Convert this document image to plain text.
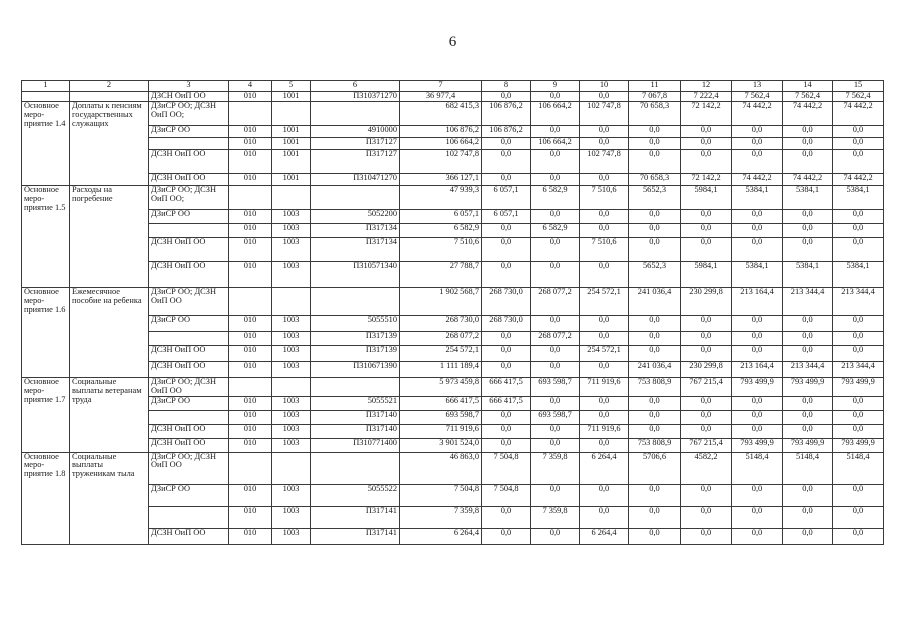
6
1	2	3	4	5	6	7	8	9	10	11	12	13	14	15
		ДЗСН ОиП ОО	010	1001	П310371270	36 977,4	0,0	0,0	0,0	7 067,8	7 222,4	7 562,4	7 562,4	7 562,4
Основное меро-приятие 1.4	Доплаты к пенсиям государственных служащих	ДЗиСР ОО; ДСЗН ОиП ОО;				682 415,3	106 876,2	106 664,2	102 747,8	70 658,3	72 142,2	74 442,2	74 442,2	74 442,2
		ДЗиСР ОО	010	1001	4910000	106 876,2	106 876,2	0,0	0,0	0,0	0,0	0,0	0,0	0,0
			010	1001	П317127	106 664,2	0,0	106 664,2	0,0	0,0	0,0	0,0	0,0	0,0
		ДСЗН ОиП ОО	010	1001	П317127	102 747,8	0,0	0,0	102 747,8	0,0	0,0	0,0	0,0	0,0
		ДСЗН ОиП ОО	010	1001	П310471270	366 127,1	0,0	0,0	0,0	70 658,3	72 142,2	74 442,2	74 442,2	74 442,2
Основное меро-приятие 1.5	Расходы на погребение	ДЗиСР ОО; ДСЗН ОиП ОО;				47 939,3	6 057,1	6 582,9	7 510,6	5652,3	5984,1	5384,1	5384,1	5384,1
		ДЗиСР ОО	010	1003	5052200	6 057,1	6 057,1	0,0	0,0	0,0	0,0	0,0	0,0	0,0
			010	1003	П317134	6 582,9	0,0	6 582,9	0,0	0,0	0,0	0,0	0,0	0,0
		ДСЗН ОиП ОО	010	1003	П317134	7 510,6	0,0	0,0	7 510,6	0,0	0,0	0,0	0,0	0,0
		ДСЗН ОиП ОО	010	1003	П310571340	27 788,7	0,0	0,0	0,0	5652,3	5984,1	5384,1	5384,1	5384,1
Основное меро-приятие 1.6	Ежемесячное пособие на ребенка	ДЗиСР ОО; ДСЗН ОиП ОО				1 902 568,7	268 730,0	268 077,2	254 572,1	241 036,4	230 299,8	213 164,4	213 344,4	213 344,4
		ДЗиСР ОО	010	1003	5055510	268 730,0	268 730,0	0,0	0,0	0,0	0,0	0,0	0,0	0,0
			010	1003	П317139	268 077,2	0,0	268 077,2	0,0	0,0	0,0	0,0	0,0	0,0
		ДСЗН ОиП ОО	010	1003	П317139	254 572,1	0,0	0,0	254 572,1	0,0	0,0	0,0	0,0	0,0
		ДСЗН ОиП ОО	010	1003	П310671390	1 111 189,4	0,0	0,0	0,0	241 036,4	230 299,8	213 164,4	213 344,4	213 344,4
Основное меро-приятие 1.7	Социальные выплаты ветеранам труда	ДЗиСР ОО; ДСЗН ОиП ОО				5 973 459,8	666 417,5	693 598,7	711 919,6	753 808,9	767 215,4	793 499,9	793 499,9	793 499,9
		ДЗиСР ОО	010	1003	5055521	666 417,5	666 417,5	0,0	0,0	0,0	0,0	0,0	0,0	0,0
			010	1003	П317140	693 598,7	0,0	693 598,7	0,0	0,0	0,0	0,0	0,0	0,0
		ДСЗН ОиП ОО	010	1003	П317140	711 919,6	0,0	0,0	711 919,6	0,0	0,0	0,0	0,0	0,0
		ДСЗН ОиП ОО	010	1003	П310771400	3 901 524,0	0,0	0,0	0,0	753 808,9	767 215,4	793 499,9	793 499,9	793 499,9
Основное меро-приятие 1.8	Социальные выплаты труженикам тыла	ДЗиСР ОО; ДСЗН ОиП ОО				46 863,0	7 504,8	7 359,8	6 264,4	5706,6	4582,2	5148,4	5148,4	5148,4
		ДЗиСР ОО	010	1003	5055522	7 504,8	7 504,8	0,0	0,0	0,0	0,0	0,0	0,0	0,0
			010	1003	П317141	7 359,8	0,0	7 359,8	0,0	0,0	0,0	0,0	0,0	0,0
		ДСЗН ОиП ОО	010	1003	П317141	6 264,4	0,0	0,0	6 264,4	0,0	0,0	0,0	0,0	0,0
